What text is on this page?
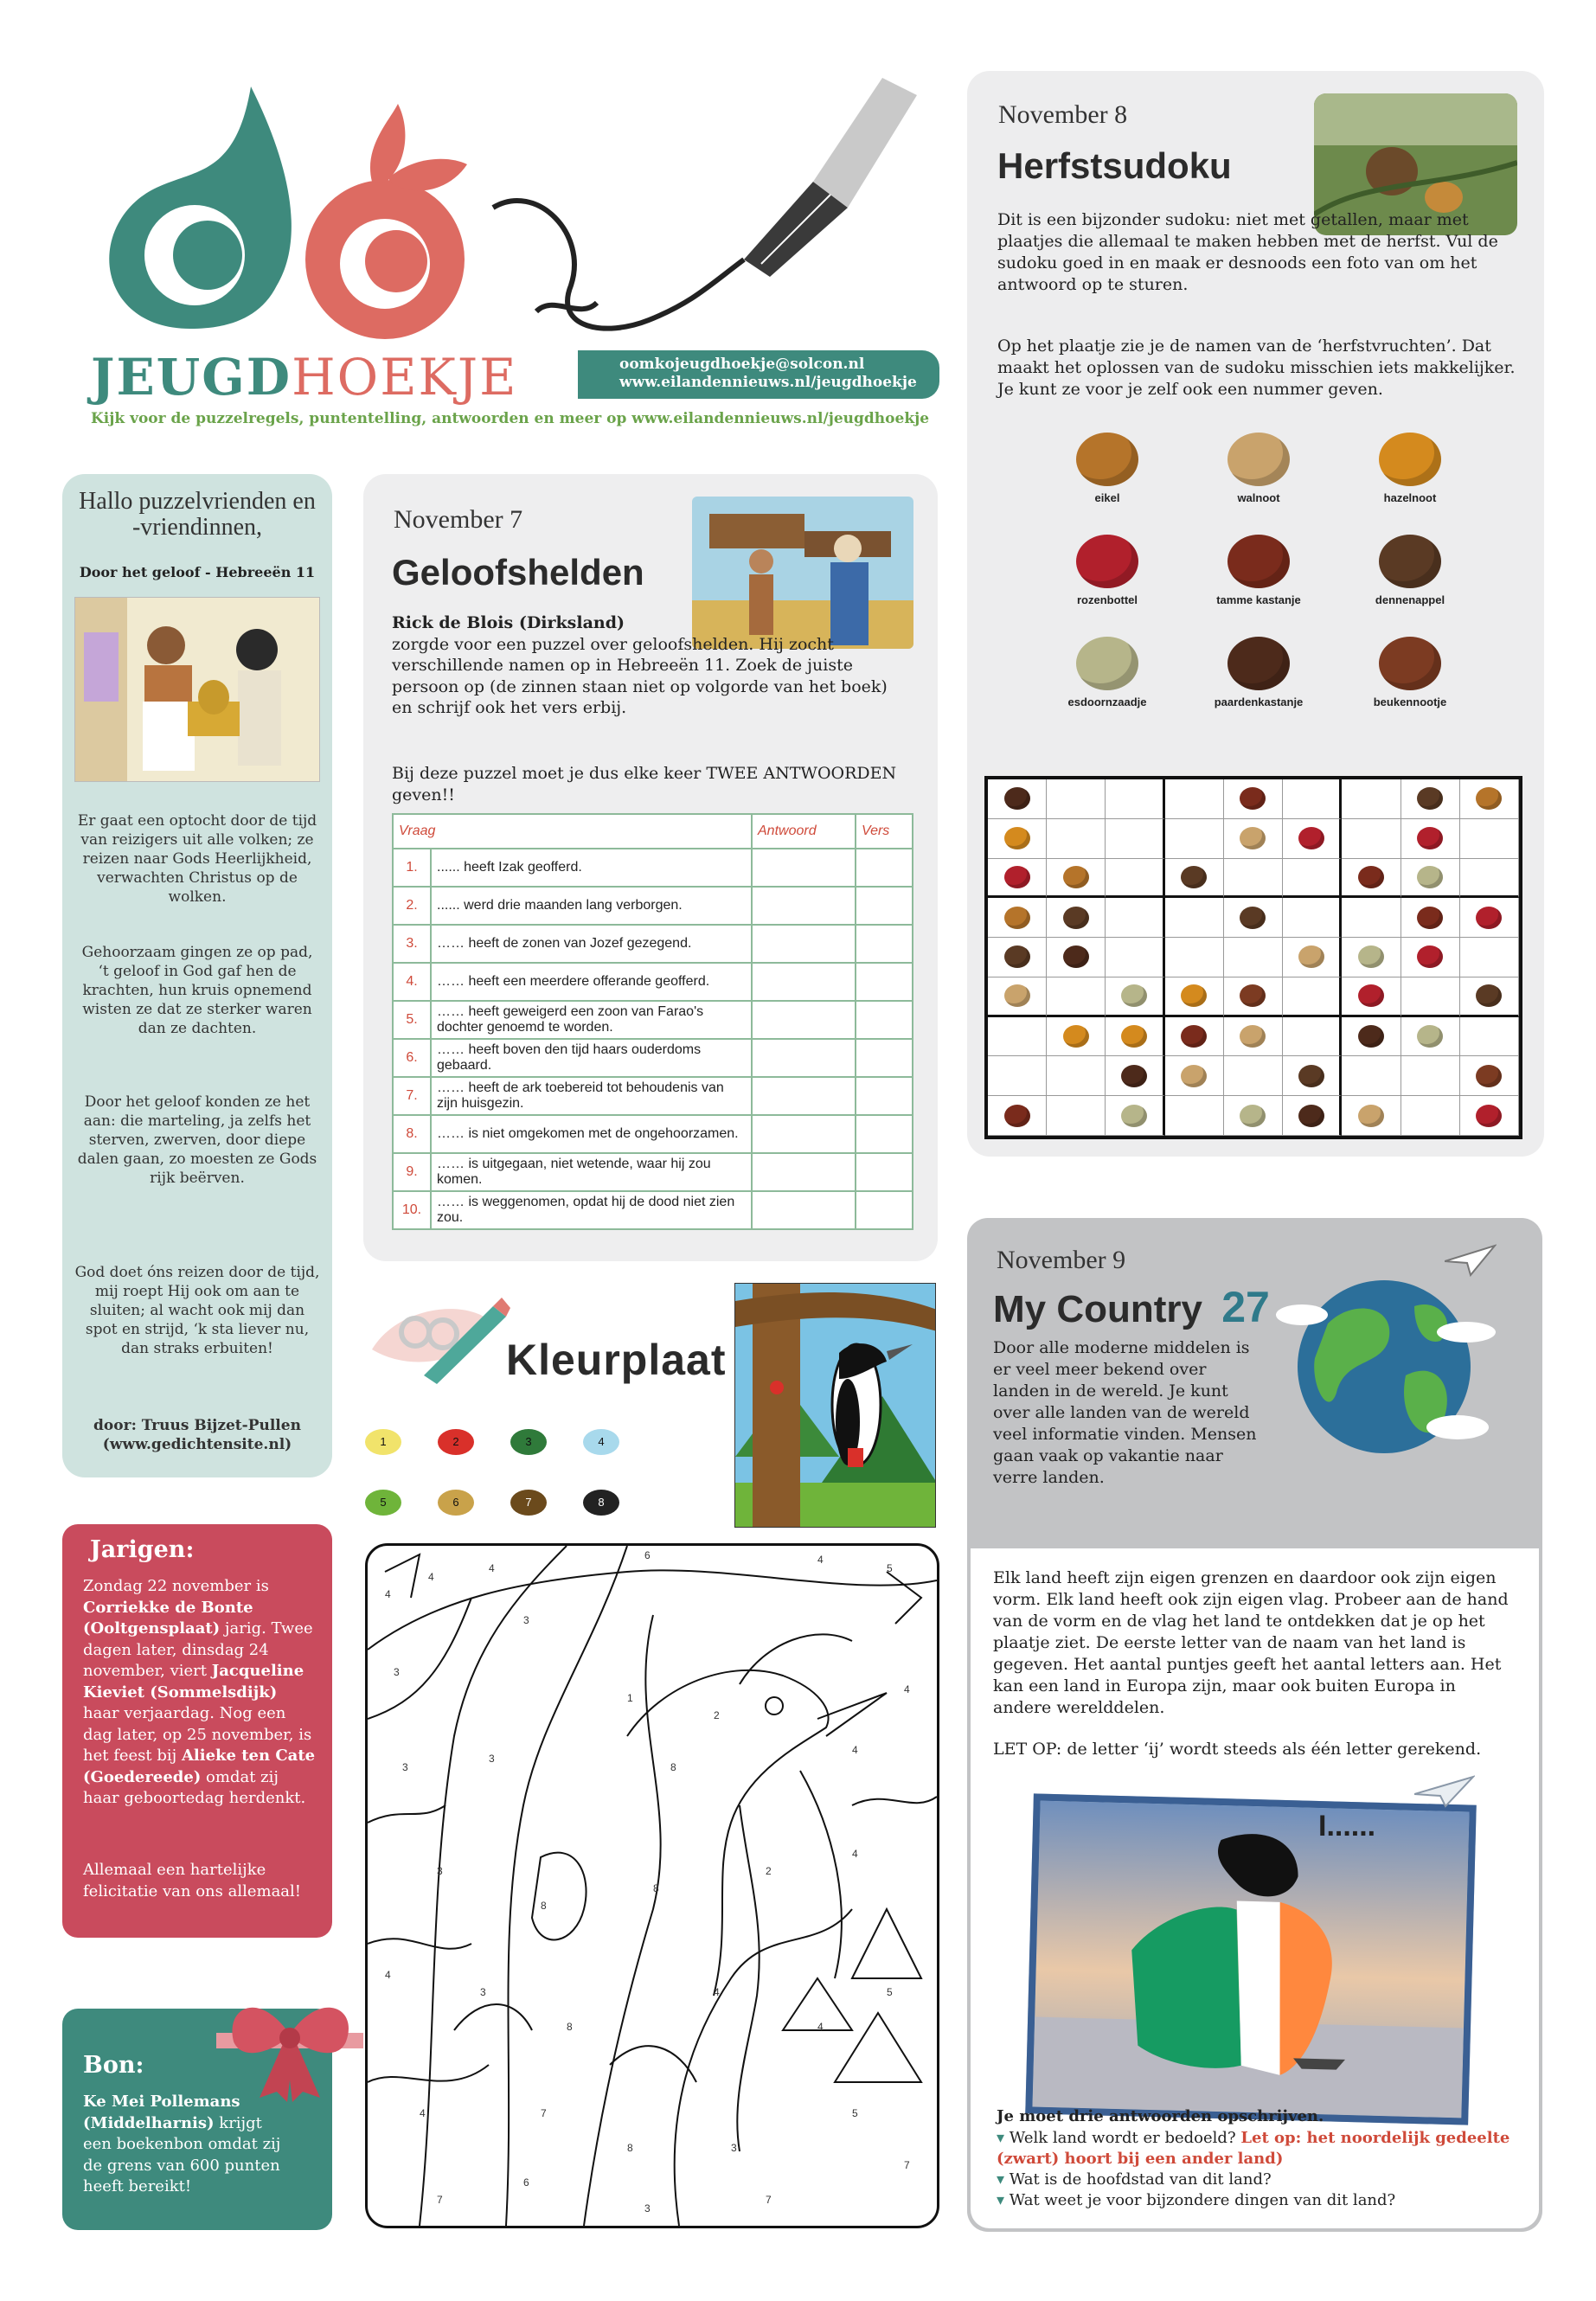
JEUGDHOEKJE	oomkojeugdhoekje@solcon.nl
www.eilandennieuws.nl/jeugdhoekje
Kijk voor de puzzelregels, puntentelling, antwoorden en meer op www.eilandennieuws.nl/jeugdhoekje
Hallo puzzelvrienden en -vriendinnen,
Door het geloof - Hebreeën 11
Er gaat een optocht door de tijd van reizigers uit alle volken; ze reizen naar Gods Heerlijkheid, verwachten Christus op de wolken.
Gehoorzaam gingen ze op pad, ‘t geloof in God gaf hen de krachten, hun kruis opnemend wisten ze dat ze sterker waren dan ze dachten.
Door het geloof konden ze het aan: die marteling, ja zelfs het sterven, zwerven, door diepe dalen gaan, zo moesten ze Gods rijk beërven.
God doet óns reizen door de tijd, mij roept Hij ook om aan te sluiten; al wacht ook mij dan spot en strijd, ‘k sta liever nu, dan straks erbuiten!
door: Truus Bijzet-Pullen (www.gedichtensite.nl)
Jarigen:
Zondag 22 november is Corriekke de Bonte (Ooltgensplaat) jarig. Twee dagen later, dinsdag 24 november, viert Jacqueline Kieviet (Sommelsdijk) haar verjaardag. Nog een dag later, op 25 november, is het feest bij Alieke ten Cate (Goedereede) omdat zij haar geboortedag herdenkt.
Allemaal een hartelijke felicitatie van ons allemaal!
Bon:
Ke Mei Pollemans (Middelharnis) krijgt een boekenbon omdat zij de grens van 600 punten heeft bereikt!
November 7
Geloofshelden
Rick de Blois (Dirksland)
zorgde voor een puzzel over geloofshelden. Hij zocht verschillende namen op in Hebreeën 11. Zoek de juiste persoon op (de zinnen staan niet op volgorde van het boek) en schrijf ook het vers erbij.
Bij deze puzzel moet je dus elke keer TWEE ANTWOORDEN geven!!
Vraag		Antwoord	Vers
1.	...... heeft Izak geofferd.		
2.	...... werd drie maanden lang verborgen.		
3.	…… heeft de zonen van Jozef gezegend.		
4.	…… heeft een meerdere offerande geofferd.		
5.	…… heeft geweigerd een zoon van Farao's dochter genoemd te worden.		
6.	…… heeft boven den tijd haars ouderdoms gebaard.		
7.	…… heeft de ark toebereid tot behoudenis van zijn huisgezin.		
8.	…… is niet omgekomen met de ongehoorzamen.		
9.	…… is uitgegaan, niet wetende, waar hij zou komen.		
10.	…… is weggenomen, opdat hij de dood niet zien zou.		
Kleurplaat
1	2	3	4
5	6	7	8
4
4
4
6	4
5
3
3
3
3
1
8
2
4
4
3
8
8
2
4
4
3
8
4
4
5
4	7
8	3
5
7
7
6
3
7
November 8
Herfstsudoku
Dit is een bijzonder sudoku: niet met getallen, maar met plaatjes die allemaal te maken hebben met de herfst. Vul de sudoku goed in en maak er desnoods een foto van om het antwoord op te sturen.
Op het plaatje zie je de namen van de ‘herfstvruchten’. Dat maakt het oplossen van de sudoku misschien iets makkelijker. Je kunt ze voor je zelf ook een nummer geven.
eikel	walnoot	hazelnoot
rozenbottel	tamme kastanje	dennenappel
esdoornzaadje	paardenkastanje	beukennootje
November 9
My Country 27
Door alle moderne middelen is er veel meer bekend over landen in de wereld. Je kunt over alle landen van de wereld veel informatie vinden. Mensen gaan vaak op vakantie naar verre landen.
Elk land heeft zijn eigen grenzen en daardoor ook zijn eigen vorm. Elk land heeft ook zijn eigen vlag. Probeer aan de hand van de vorm en de vlag het land te ontdekken dat je op het plaatje ziet. De eerste letter van de naam van het land is gegeven. Het aantal puntjes geeft het aantal letters aan. Het kan een land in Europa zijn, maar ook buiten Europa in andere werelddelen.
LET OP: de letter ‘ij’ wordt steeds als één letter gerekend.
I......
Je moet drie antwoorden opschrijven.
▾ Welk land wordt er bedoeld? Let op: het noordelijk gedeelte (zwart) hoort bij een ander land)
▾ Wat is de hoofdstad van dit land?
▾ Wat weet je voor bijzondere dingen van dit land?
